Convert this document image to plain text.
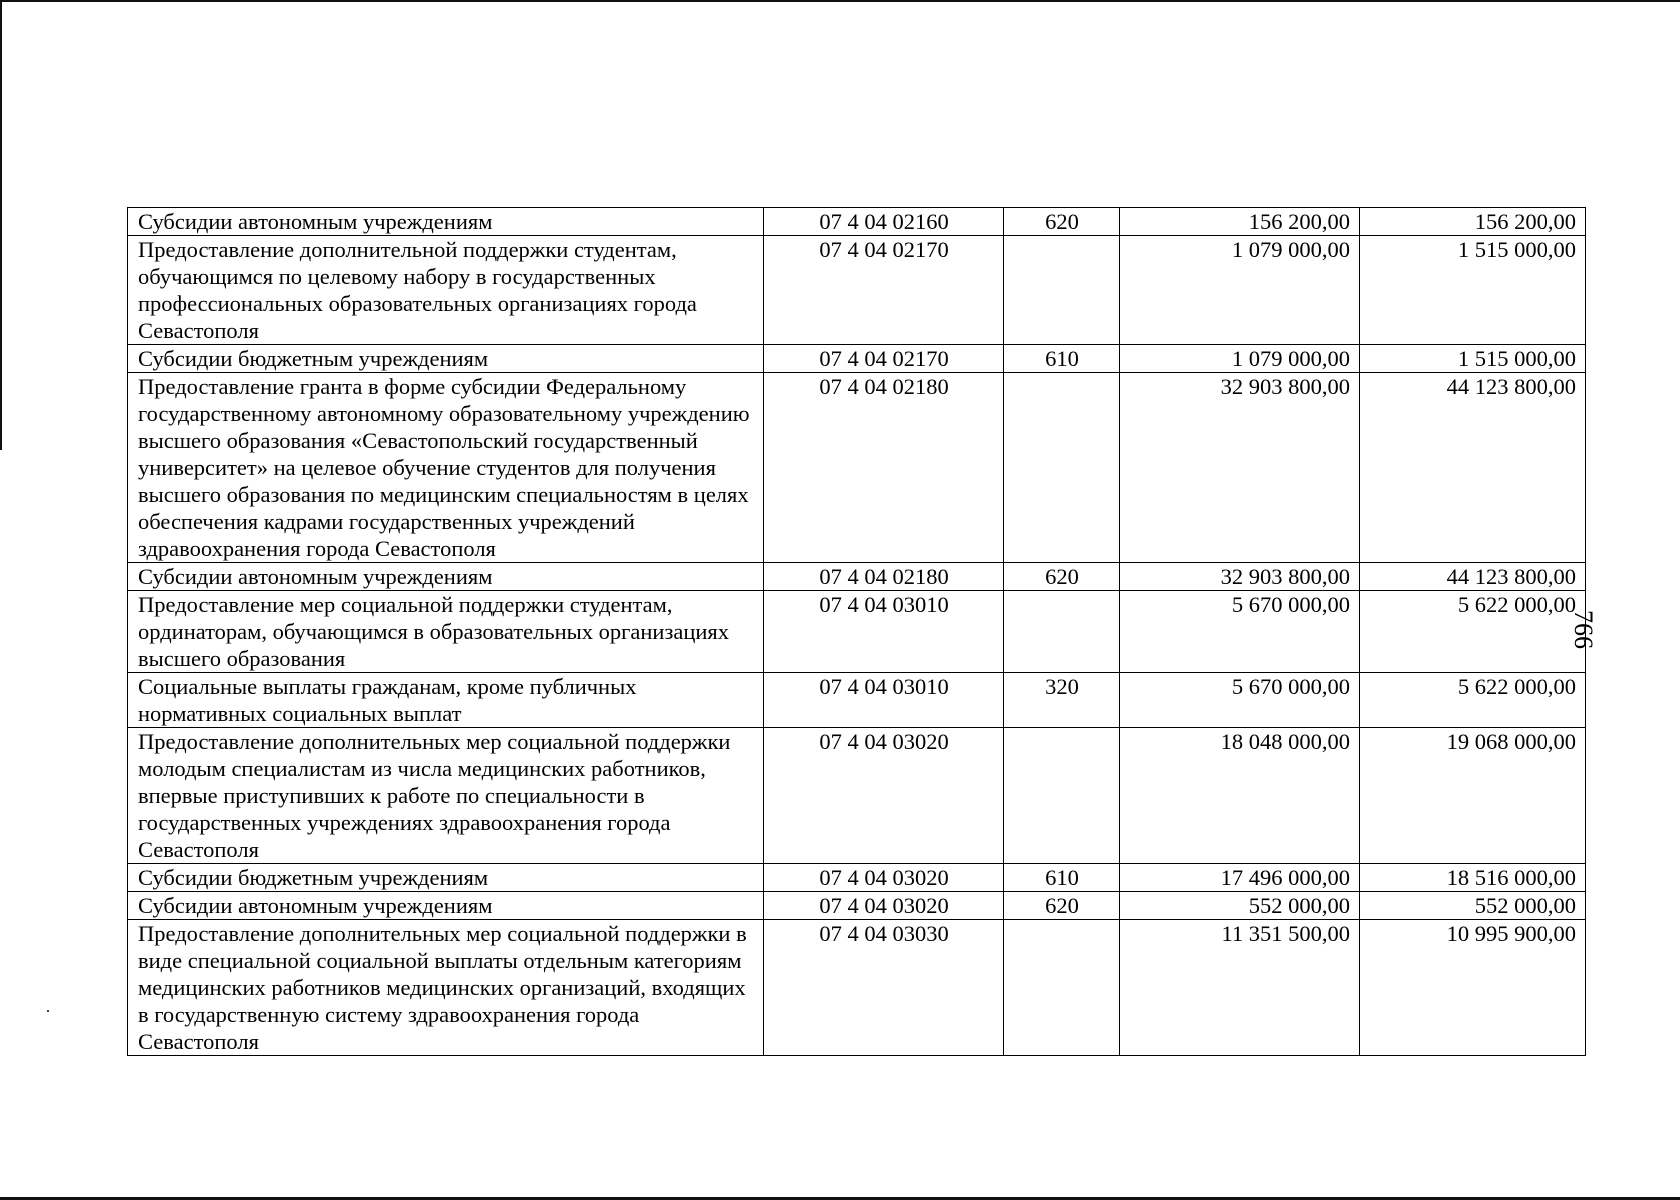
766
Субсидии автономным учреждениям	07 4 04 02160	620	156 200,00	156 200,00
Предоставление дополнительной поддержки студентам, обучающимся по целевому набору в государственных профессиональных образовательных организациях города Севастополя	07 4 04 02170		1 079 000,00	1 515 000,00
Субсидии бюджетным учреждениям	07 4 04 02170	610	1 079 000,00	1 515 000,00
Предоставление гранта в форме субсидии Федеральному государственному автономному образовательному учреждению высшего образования «Севастопольский государственный университет» на целевое обучение студентов для получения высшего образования по медицинским специальностям в целях обеспечения кадрами государственных учреждений здравоохранения города Севастополя	07 4 04 02180		32 903 800,00	44 123 800,00
Субсидии автономным учреждениям	07 4 04 02180	620	32 903 800,00	44 123 800,00
Предоставление мер социальной поддержки студентам, ординаторам, обучающимся в образовательных организациях высшего образования	07 4 04 03010		5 670 000,00	5 622 000,00
Социальные выплаты гражданам, кроме публичных нормативных социальных выплат	07 4 04 03010	320	5 670 000,00	5 622 000,00
Предоставление дополнительных мер социальной поддержки молодым специалистам из числа медицинских работников, впервые приступивших к работе по специальности в государственных учреждениях здравоохранения города Севастополя	07 4 04 03020		18 048 000,00	19 068 000,00
Субсидии бюджетным учреждениям	07 4 04 03020	610	17 496 000,00	18 516 000,00
Субсидии автономным учреждениям	07 4 04 03020	620	552 000,00	552 000,00
Предоставление дополнительных мер социальной поддержки в виде специальной социальной выплаты отдельным категориям медицинских работников медицинских организаций, входящих в государственную систему здравоохранения города Севастополя	07 4 04 03030		11 351 500,00	10 995 900,00
